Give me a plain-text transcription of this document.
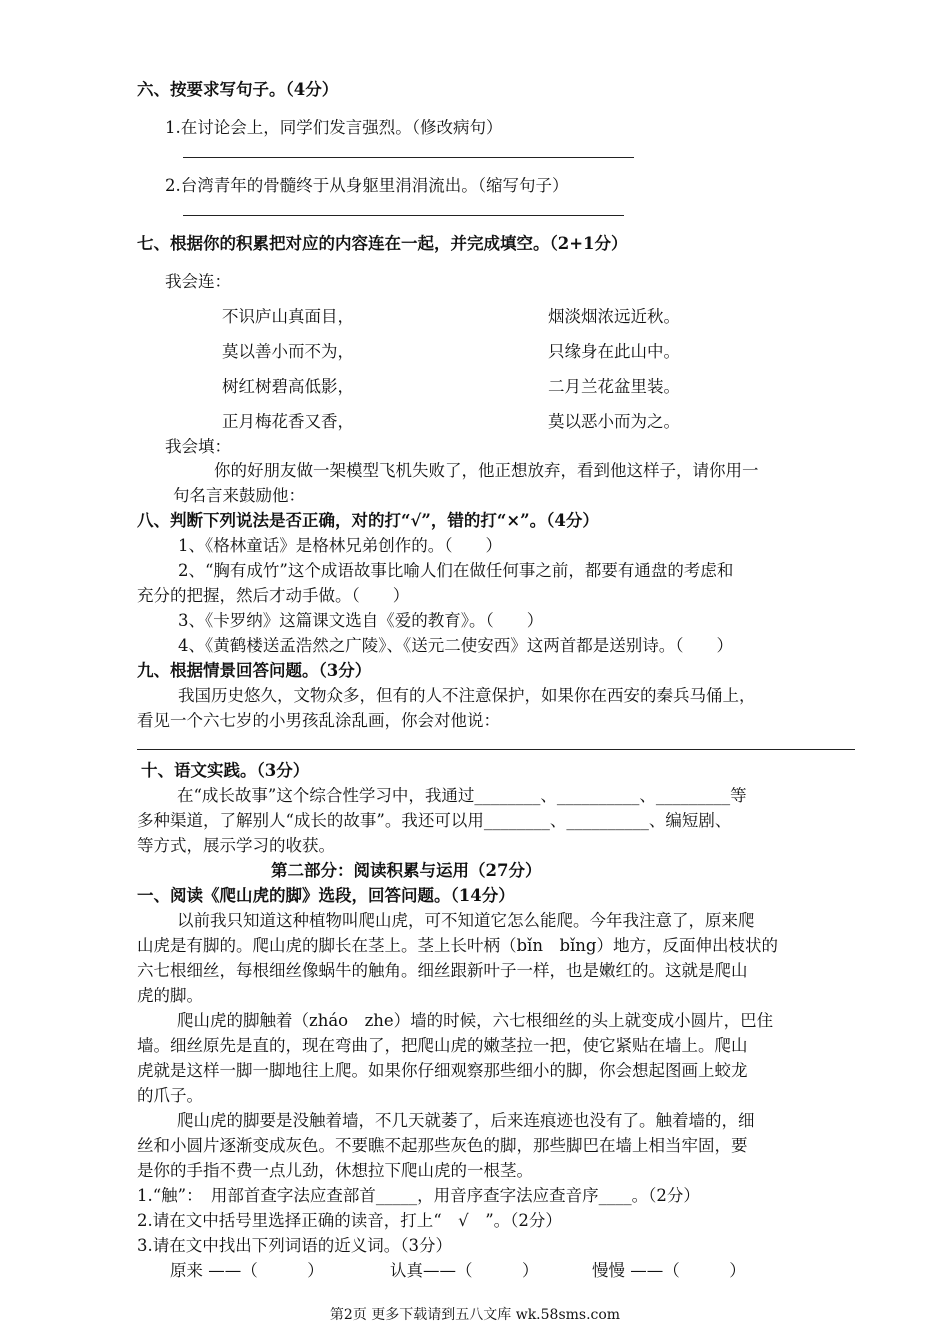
六、按要求写句子。（4分）
1.在讨论会上，同学们发言强烈。（修改病句）
2.台湾青年的骨髓终于从身躯里涓涓流出。（缩写句子）
七、根据你的积累把对应的内容连在一起，并完成填空。（2+1分）
我会连：
不识庐山真面目，
莫以善小而不为，
树红树碧高低影，
正月梅花香又香，
烟淡烟浓远近秋。
只缘身在此山中。
二月兰花盆里装。
莫以恶小而为之。
我会填：
你的好朋友做一架模型飞机失败了，他正想放弃，看到他这样子，请你用一
句名言来鼓励他：
八、判断下列说法是否正确，对的打“√”，错的打“×”。（4分）
1、《格林童话》是格林兄弟创作的。（　　）
2、“胸有成竹”这个成语故事比喻人们在做任何事之前，都要有通盘的考虑和
充分的把握，然后才动手做。（　　）
3、《卡罗纳》这篇课文选自《爱的教育》。（　　）
4、《黄鹤楼送孟浩然之广陵》、《送元二使安西》这两首都是送别诗。（　　）
九、根据情景回答问题。（3分）
我国历史悠久，文物众多，但有的人不注意保护，如果你在西安的秦兵马俑上，
看见一个六七岁的小男孩乱涂乱画，你会对他说：
十、语文实践。（3分）
在“成长故事”这个综合性学习中，我通过________、__________、_________等
多种渠道，了解别人“成长的故事”。我还可以用________、__________、编短剧、
等方式，展示学习的收获。
第二部分：阅读积累与运用（27分）
一、阅读《爬山虎的脚》选段，回答问题。（14分）
以前我只知道这种植物叫爬山虎，可不知道它怎么能爬。今年我注意了，原来爬
山虎是有脚的。爬山虎的脚长在茎上。茎上长叶柄（bǐn　bǐng）地方，反面伸出枝状的
六七根细丝，每根细丝像蜗牛的触角。细丝跟新叶子一样，也是嫩红的。这就是爬山
虎的脚。
爬山虎的脚触着（zháo　zhe）墙的时候，六七根细丝的头上就变成小圆片，巴住
墙。细丝原先是直的，现在弯曲了，把爬山虎的嫩茎拉一把，使它紧贴在墙上。爬山
虎就是这样一脚一脚地往上爬。如果你仔细观察那些细小的脚，你会想起图画上蛟龙
的爪子。
爬山虎的脚要是没触着墙，不几天就萎了，后来连痕迹也没有了。触着墙的，细
丝和小圆片逐渐变成灰色。不要瞧不起那些灰色的脚，那些脚巴在墙上相当牢固，要
是你的手指不费一点儿劲，休想拉下爬山虎的一根茎。
1.“触”：　用部首查字法应查部首_____，用音序查字法应查音序____。（2分）
2.请在文中括号里选择正确的读音，打上“　√　”。（2分）
3.请在文中找出下列词语的近义词。（3分）
原来 ——（　　　）	认真——（　　　）	慢慢 ——（　　　）
第2页 更多下载请到五八文库 wk.58sms.com
